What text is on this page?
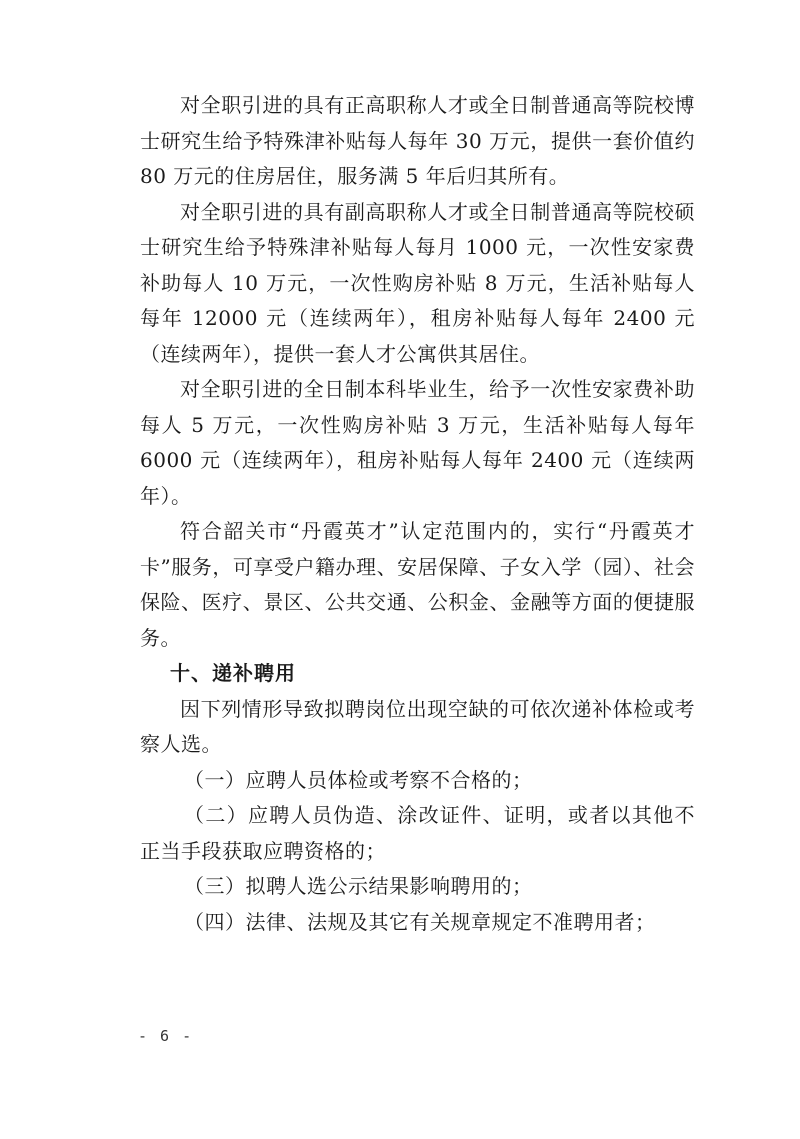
对全职引进的具有正高职称人才或全日制普通高等院校博士研究生给予特殊津补贴每人每年 30 万元，提供一套价值约 80 万元的住房居住，服务满 5 年后归其所有。

对全职引进的具有副高职称人才或全日制普通高等院校硕士研究生给予特殊津补贴每人每月 1000 元，一次性安家费补助每人 10 万元，一次性购房补贴 8 万元，生活补贴每人每年 12000 元（连续两年），租房补贴每人每年 2400 元（连续两年），提供一套人才公寓供其居住。

对全职引进的全日制本科毕业生，给予一次性安家费补助每人 5 万元，一次性购房补贴 3 万元，生活补贴每人每年 6000 元（连续两年），租房补贴每人每年 2400 元（连续两年）。

符合韶关市“丹霞英才”认定范围内的，实行“丹霞英才卡”服务，可享受户籍办理、安居保障、子女入学（园）、社会保险、医疗、景区、公共交通、公积金、金融等方面的便捷服务。

十、递补聘用

因下列情形导致拟聘岗位出现空缺的可依次递补体检或考察人选。

（一）应聘人员体检或考察不合格的；

（二）应聘人员伪造、涂改证件、证明，或者以其他不正当手段获取应聘资格的；

（三）拟聘人选公示结果影响聘用的；

（四）法律、法规及其它有关规章规定不准聘用者；

- 6 -
